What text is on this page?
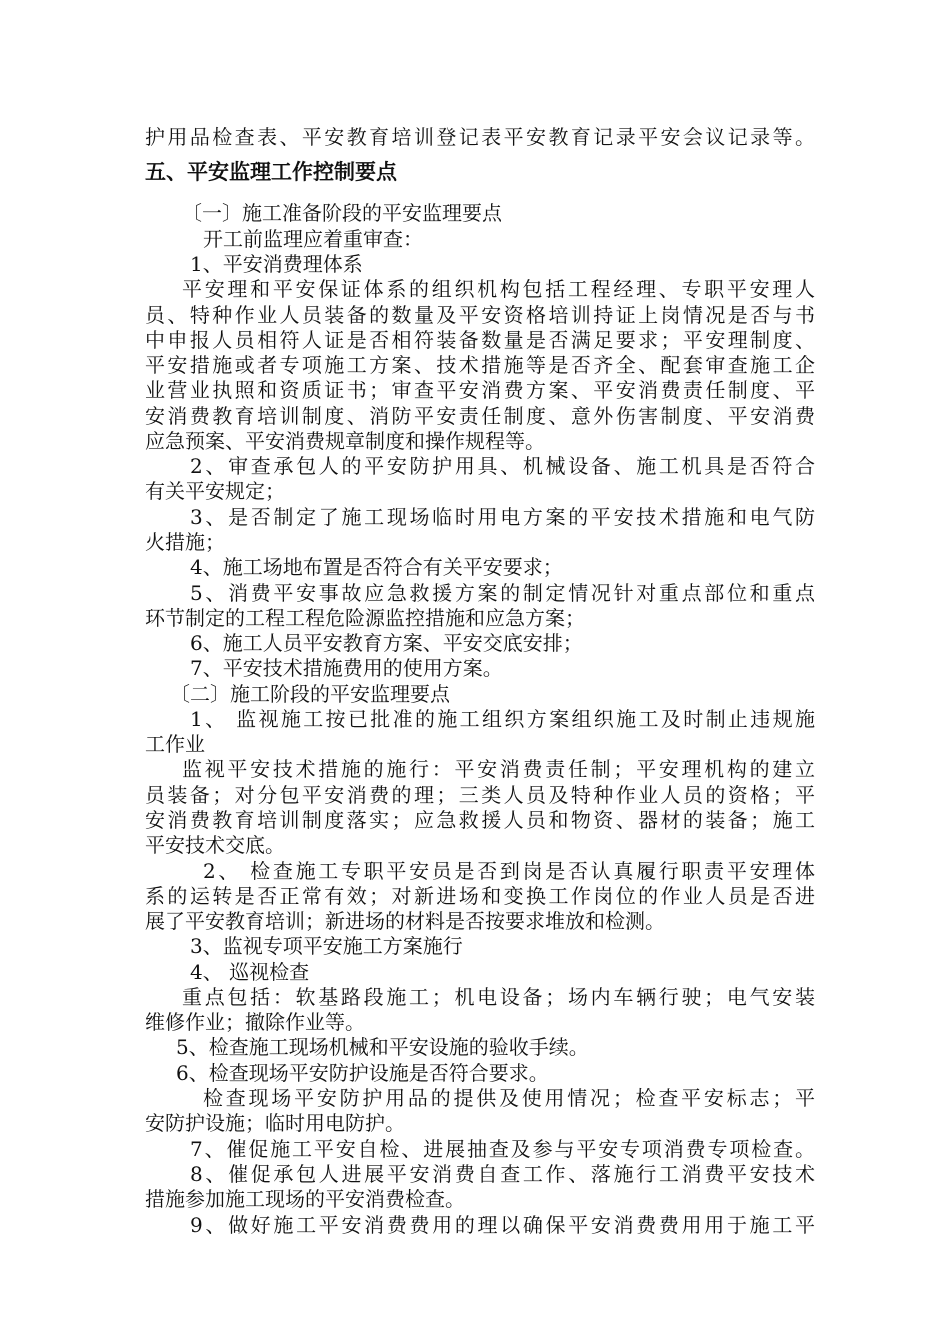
护用品检查表、平安教育培训登记表平安教育记录平安会议记录等。
五、平安监理工作控制要点
〔一〕施工准备阶段的平安监理要点
开工前监理应着重审查：
1、平安消费理体系
平安理和平安保证体系的组织机构包括工程经理、专职平安理人
员、特种作业人员装备的数量及平安资格培训持证上岗情况是否与书
中申报人员相符人证是否相符装备数量是否满足要求；平安理制度、
平安措施或者专项施工方案、技术措施等是否齐全、配套审查施工企
业营业执照和资质证书；审查平安消费方案、平安消费责任制度、平
安消费教育培训制度、消防平安责任制度、意外伤害制度、平安消费
应急预案、平安消费规章制度和操作规程等。
2、审查承包人的平安防护用具、机械设备、施工机具是否符合
有关平安规定；
3、是否制定了施工现场临时用电方案的平安技术措施和电气防
火措施；
4、施工场地布置是否符合有关平安要求；
5、消费平安事故应急救援方案的制定情况针对重点部位和重点
环节制定的工程工程危险源监控措施和应急方案；
6、施工人员平安教育方案、平安交底安排；
7、平安技术措施费用的使用方案。
〔二〕施工阶段的平安监理要点
1、 监视施工按已批准的施工组织方案组织施工及时制止违规施
工作业
监视平安技术措施的施行：平安消费责任制；平安理机构的建立
员装备；对分包平安消费的理；三类人员及特种作业人员的资格；平
安消费教育培训制度落实；应急救援人员和物资、器材的装备；施工
平安技术交底。
2、 检查施工专职平安员是否到岗是否认真履行职责平安理体
系的运转是否正常有效；对新进场和变换工作岗位的作业人员是否进
展了平安教育培训；新进场的材料是否按要求堆放和检测。
3、监视专项平安施工方案施行
4、 巡视检查
重点包括：软基路段施工；机电设备；场内车辆行驶；电气安装
维修作业；撤除作业等。
5、检查施工现场机械和平安设施的验收手续。
6、检查现场平安防护设施是否符合要求。
检查现场平安防护用品的提供及使用情况；检查平安标志；平
安防护设施；临时用电防护。
7、催促施工平安自检、进展抽查及参与平安专项消费专项检查。
8、催促承包人进展平安消费自查工作、落施行工消费平安技术
措施参加施工现场的平安消费检查。
9、做好施工平安消费费用的理以确保平安消费费用用于施工平
